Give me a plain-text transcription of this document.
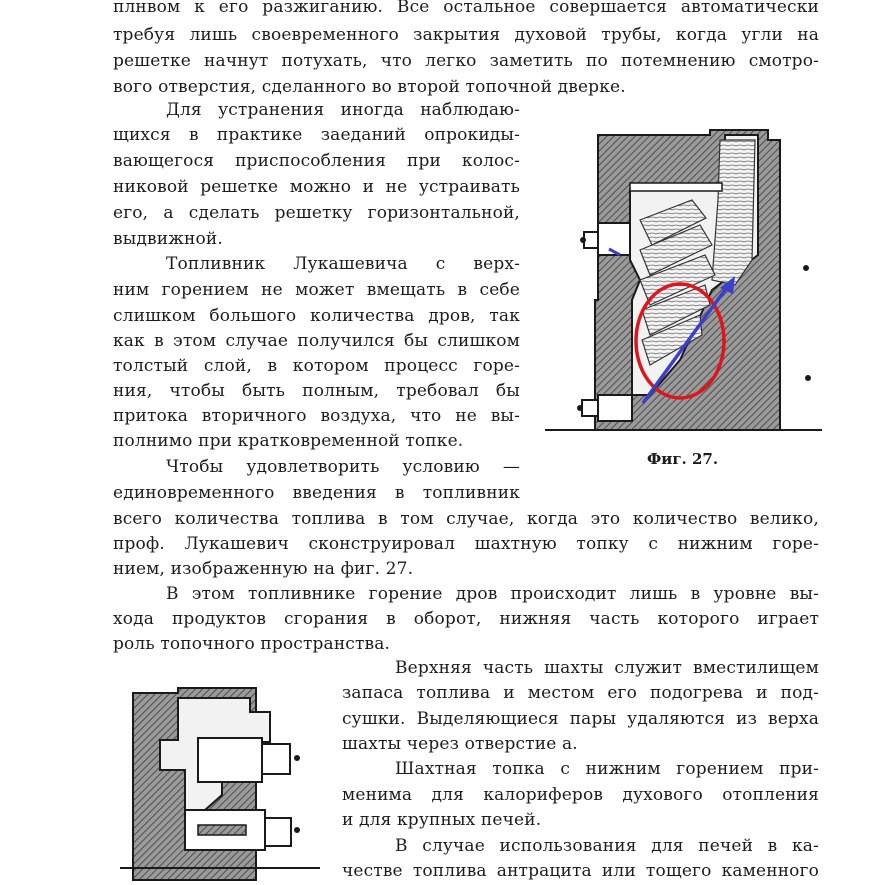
плнвом к его разжиганию. Все остальное совершается автоматически
требуя лишь своевременного закрытия духовой трубы, когда угли на
решетке начнут потухать, что легко заметить по потемнению смотро-
вого отверстия, сделанного во второй топочной дверке.
Для устранения иногда наблюдаю-
щихся в практике заеданий опрокиды-
вающегося приспособления при колос-
никовой решетке можно и не устраивать
его, а сделать решетку горизонтальной,
выдвижной.
Топливник Лукашевича с верх-
ним горением не может вмещать в себе
слишком большого количества дров, так
как в этом случае получился бы слишком
толстый слой, в котором процесс горе-
ния, чтобы быть полным, требовал бы
притока вторичного воздуха, что не вы-
полнимо при кратковременной топке.
Чтобы удовлетворить условию —
единовременного введения в топливник
всего количества топлива в том случае, когда это количество велико,
проф. Лукашевич сконструировал шахтную топку с нижним горе-
нием, изображенную на фиг. 27.
В этом топливнике горение дров происходит лишь в уровне вы-
хода продуктов сгорания в оборот, нижняя часть которого играет
роль топочного пространства.
Верхняя часть шахты служит вместилищем
запаса топлива и местом его подогрева и под-
сушки. Выделяющиеся пары удаляются из верха
шахты через отверстие a.
Шахтная топка с нижним горением при-
менима для калориферов духового отопления
и для крупных печей.
В случае использования для печей в ка-
честве топлива антрацита или тощего каменного
Фиг. 27.
